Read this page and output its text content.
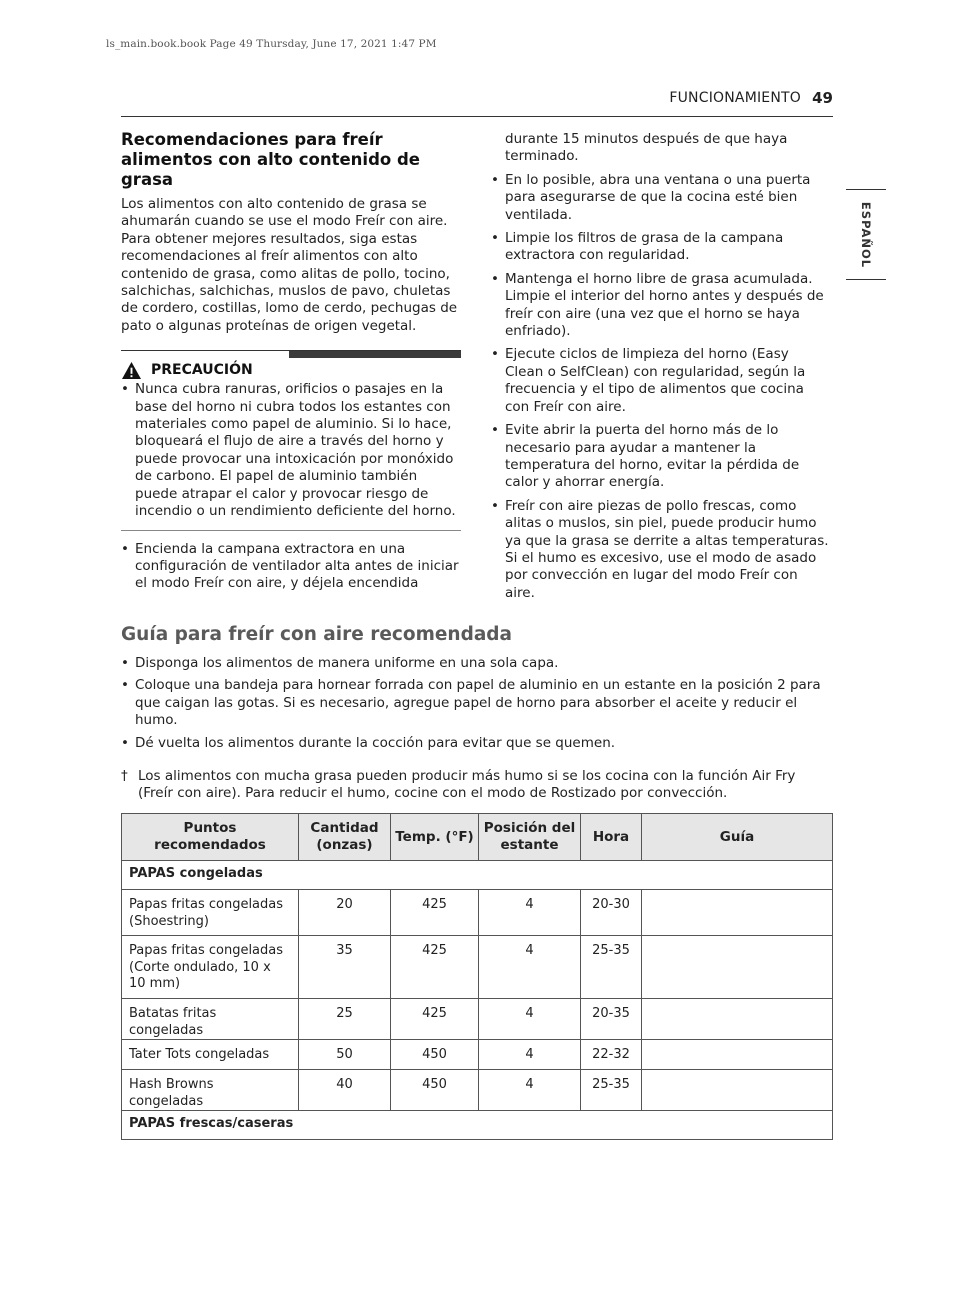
ls_main.book.book Page 49 Thursday, June 17, 2021 1:47 PM
FUNCIONAMIENTO 49
ESPAÑOL
Recomendaciones para freír alimentos con alto contenido de grasa

Los alimentos con alto contenido de grasa se ahumarán cuando se use el modo Freír con aire. Para obtener mejores resultados, siga estas recomendaciones al freír alimentos con alto contenido de grasa, como alitas de pollo, tocino, salchichas, salchichas, muslos de pavo, chuletas de cordero, costillas, lomo de cerdo, pechugas de pato o algunas proteínas de origen vegetal.

PRECAUCIÓN
• Nunca cubra ranuras, orificios o pasajes en la base del horno ni cubra todos los estantes con materiales como papel de aluminio. Si lo hace, bloqueará el flujo de aire a través del horno y puede provocar una intoxicación por monóxido de carbono. El papel de aluminio también puede atrapar el calor y provocar riesgo de incendio o un rendimiento deficiente del horno.
• Encienda la campana extractora en una configuración de ventilador alta antes de iniciar el modo Freír con aire, y déjela encendida
durante 15 minutos después de que haya terminado.
• En lo posible, abra una ventana o una puerta para asegurarse de que la cocina esté bien ventilada.
• Limpie los filtros de grasa de la campana extractora con regularidad.
• Mantenga el horno libre de grasa acumulada. Limpie el interior del horno antes y después de freír con aire (una vez que el horno se haya enfriado).
• Ejecute ciclos de limpieza del horno (Easy Clean o SelfClean) con regularidad, según la frecuencia y el tipo de alimentos que cocina con Freír con aire.
• Evite abrir la puerta del horno más de lo necesario para ayudar a mantener la temperatura del horno, evitar la pérdida de calor y ahorrar energía.
• Freír con aire piezas de pollo frescas, como alitas o muslos, sin piel, puede producir humo ya que la grasa se derrite a altas temperaturas. Si el humo es excesivo, use el modo de asado por convección en lugar del modo Freír con aire.
Guía para freír con aire recomendada
• Disponga los alimentos de manera uniforme en una sola capa.
• Coloque una bandeja para hornear forrada con papel de aluminio en un estante en la posición 2 para que caigan las gotas. Si es necesario, agregue papel de horno para absorber el aceite y reducir el humo.
• Dé vuelta los alimentos durante la cocción para evitar que se quemen.
† Los alimentos con mucha grasa pueden producir más humo si se los cocina con la función Air Fry (Freír con aire). Para reducir el humo, cocine con el modo de Rostizado por convección.
Puntos recomendados	Cantidad (onzas)	Temp. (°F)	Posición del estante	Hora	Guía
PAPAS congeladas					
Papas fritas congeladas (Shoestring)	20	425	4	20-30	
Papas fritas congeladas (Corte ondulado, 10 x 10 mm)	35	425	4	25-35	
Batatas fritas congeladas	25	425	4	20-35	
Tater Tots congeladas	50	450	4	22-32	
Hash Browns congeladas	40	450	4	25-35	
PAPAS frescas/caseras					
